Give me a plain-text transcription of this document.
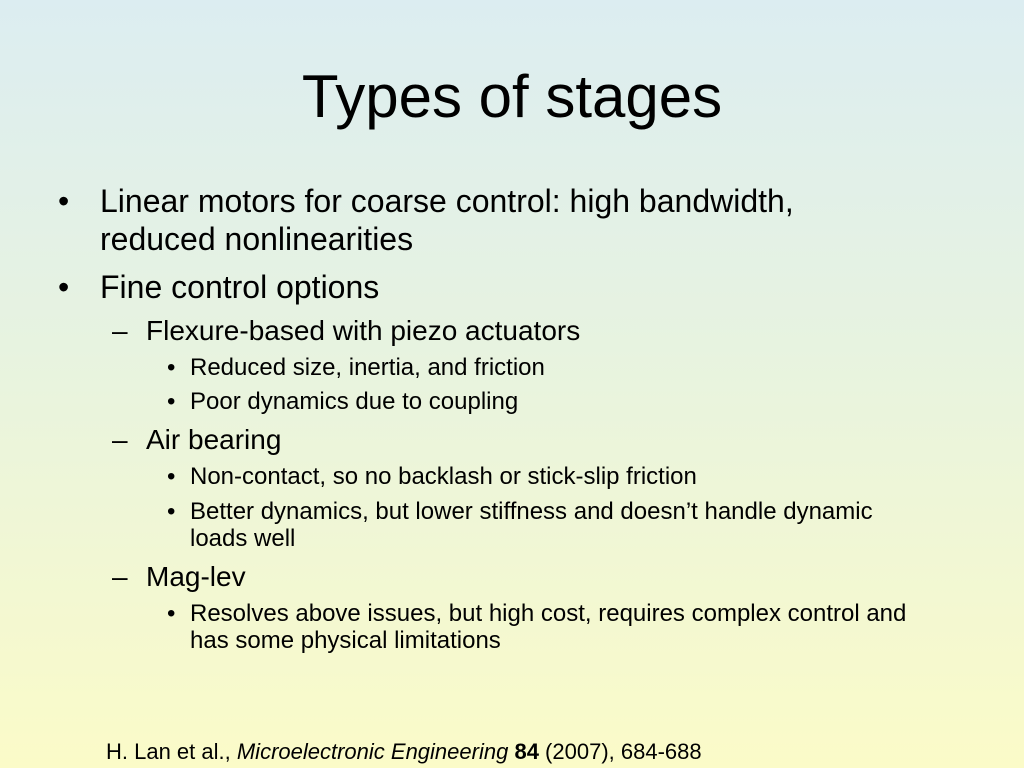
Types of stages
• Linear motors for coarse control: high bandwidth, reduced nonlinearities
• Fine control options
– Flexure-based with piezo actuators
• Reduced size, inertia, and friction
• Poor dynamics due to coupling
– Air bearing
• Non-contact, so no backlash or stick-slip friction
• Better dynamics, but lower stiffness and doesn’t handle dynamic loads well
– Mag-lev
• Resolves above issues, but high cost, requires complex control and has some physical limitations
H. Lan et al., Microelectronic Engineering 84 (2007), 684-688
